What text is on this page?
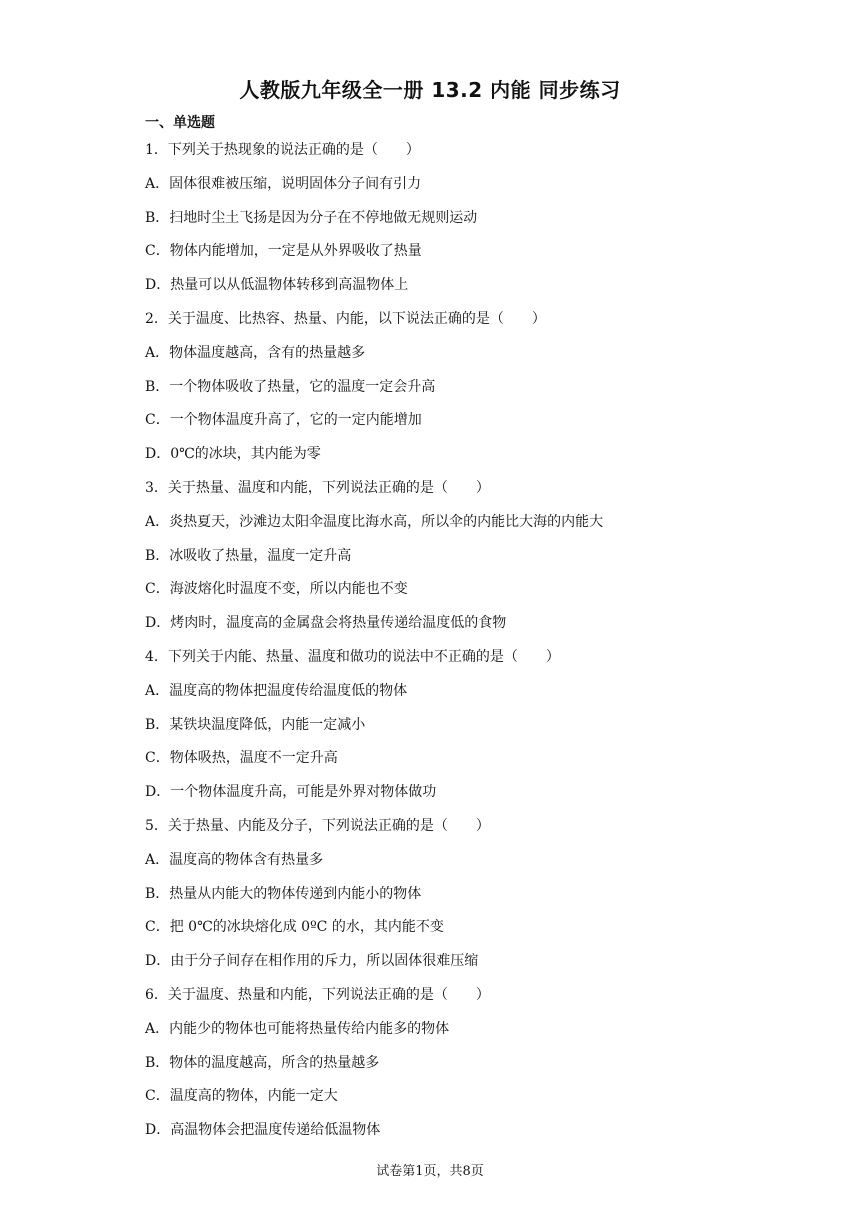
人教版九年级全一册 13.2 内能 同步练习
一、单选题
1．下列关于热现象的说法正确的是（　　）
A．固体很难被压缩，说明固体分子间有引力
B．扫地时尘土飞扬是因为分子在不停地做无规则运动
C．物体内能增加，一定是从外界吸收了热量
D．热量可以从低温物体转移到高温物体上
2．关于温度、比热容、热量、内能，以下说法正确的是（　　）
A．物体温度越高，含有的热量越多
B．一个物体吸收了热量，它的温度一定会升高
C．一个物体温度升高了，它的一定内能增加
D．0℃的冰块，其内能为零
3．关于热量、温度和内能，下列说法正确的是（　　）
A．炎热夏天，沙滩边太阳伞温度比海水高，所以伞的内能比大海的内能大
B．冰吸收了热量，温度一定升高
C．海波熔化时温度不变，所以内能也不变
D．烤肉时，温度高的金属盘会将热量传递给温度低的食物
4．下列关于内能、热量、温度和做功的说法中不正确的是（　　）
A．温度高的物体把温度传给温度低的物体
B．某铁块温度降低，内能一定减小
C．物体吸热，温度不一定升高
D．一个物体温度升高，可能是外界对物体做功
5．关于热量、内能及分子，下列说法正确的是（　　）
A．温度高的物体含有热量多
B．热量从内能大的物体传递到内能小的物体
C．把 0℃的冰块熔化成 0ºC 的水，其内能不变
D．由于分子间存在相作用的斥力，所以固体很难压缩
6．关于温度、热量和内能，下列说法正确的是（　　）
A．内能少的物体也可能将热量传给内能多的物体
B．物体的温度越高，所含的热量越多
C．温度高的物体，内能一定大
D．高温物体会把温度传递给低温物体
试卷第1页，共8页
